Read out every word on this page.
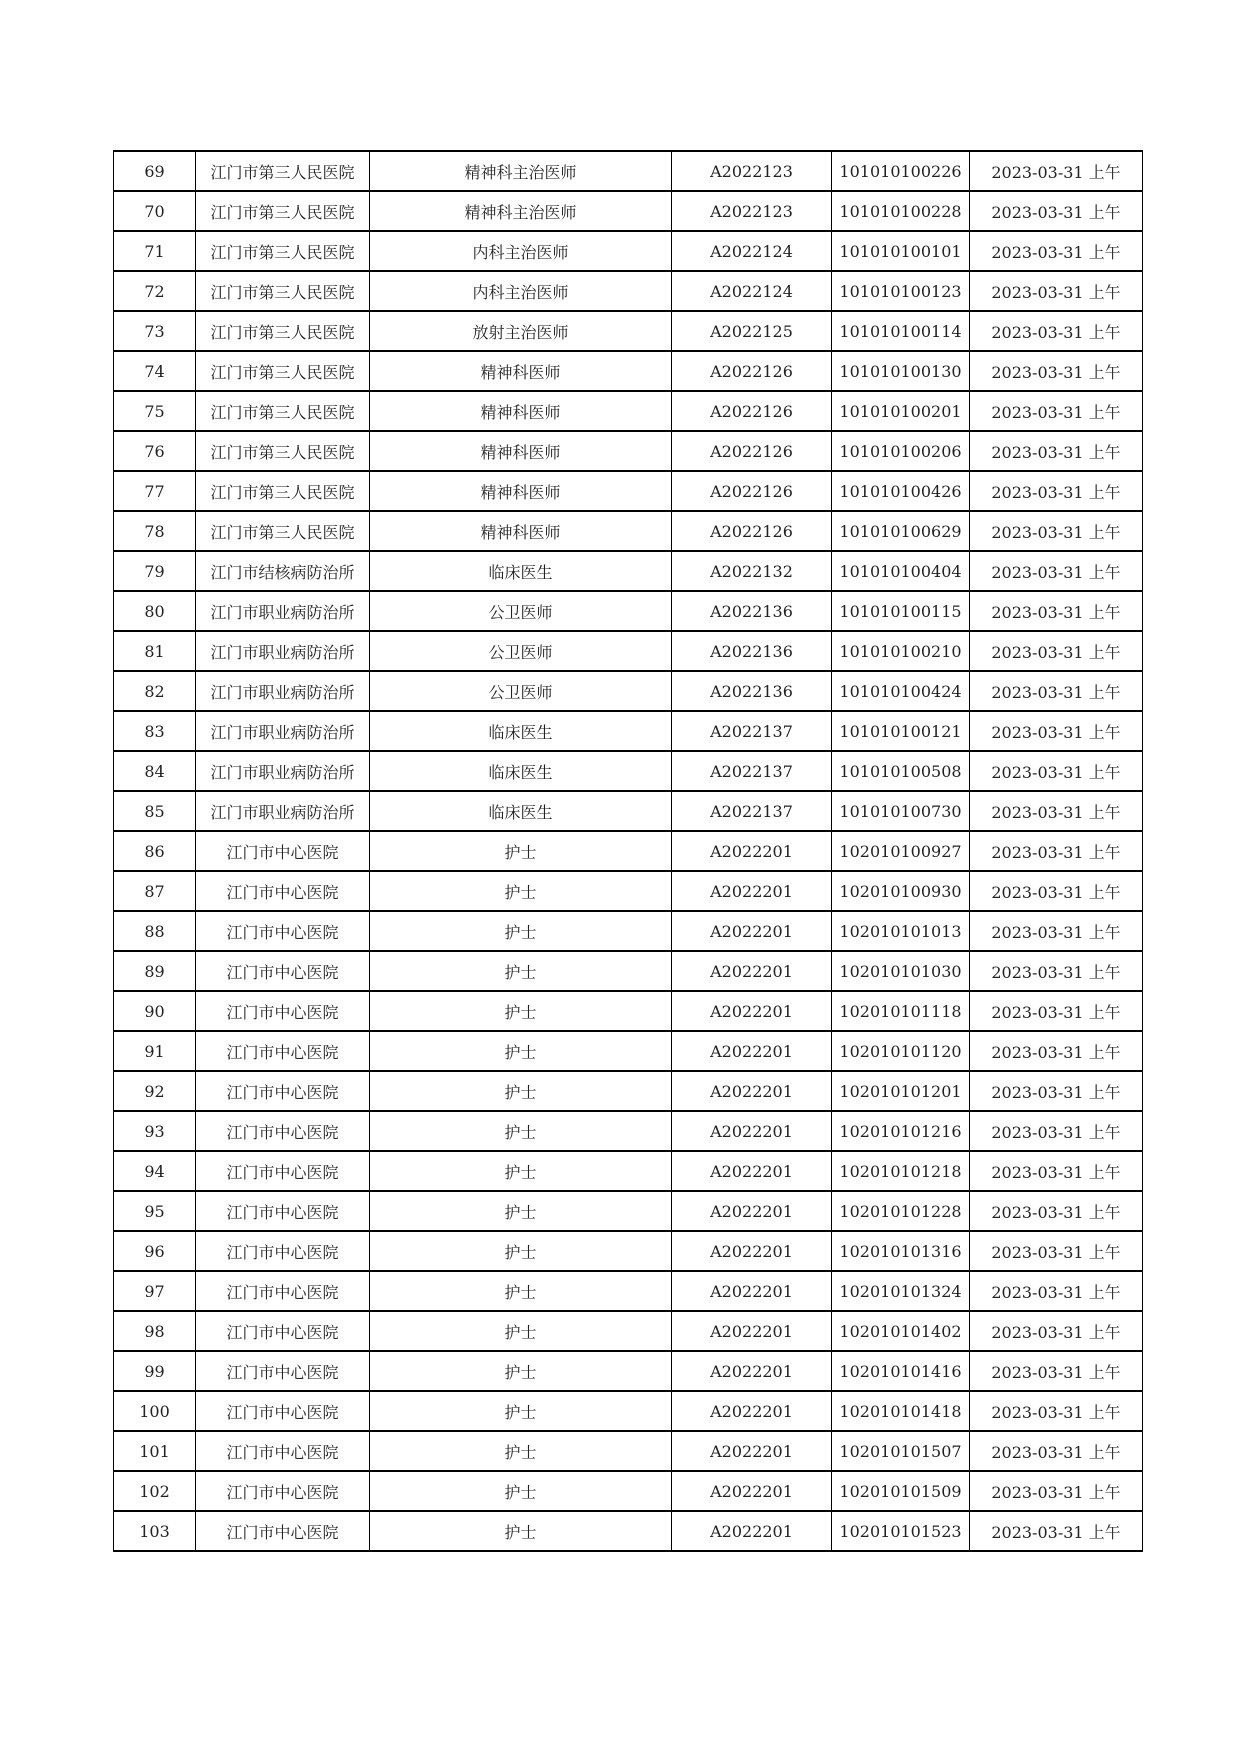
69	江门市第三人民医院	精神科主治医师	A2022123	101010100226	2023-03-31 上午
70	江门市第三人民医院	精神科主治医师	A2022123	101010100228	2023-03-31 上午
71	江门市第三人民医院	内科主治医师	A2022124	101010100101	2023-03-31 上午
72	江门市第三人民医院	内科主治医师	A2022124	101010100123	2023-03-31 上午
73	江门市第三人民医院	放射主治医师	A2022125	101010100114	2023-03-31 上午
74	江门市第三人民医院	精神科医师	A2022126	101010100130	2023-03-31 上午
75	江门市第三人民医院	精神科医师	A2022126	101010100201	2023-03-31 上午
76	江门市第三人民医院	精神科医师	A2022126	101010100206	2023-03-31 上午
77	江门市第三人民医院	精神科医师	A2022126	101010100426	2023-03-31 上午
78	江门市第三人民医院	精神科医师	A2022126	101010100629	2023-03-31 上午
79	江门市结核病防治所	临床医生	A2022132	101010100404	2023-03-31 上午
80	江门市职业病防治所	公卫医师	A2022136	101010100115	2023-03-31 上午
81	江门市职业病防治所	公卫医师	A2022136	101010100210	2023-03-31 上午
82	江门市职业病防治所	公卫医师	A2022136	101010100424	2023-03-31 上午
83	江门市职业病防治所	临床医生	A2022137	101010100121	2023-03-31 上午
84	江门市职业病防治所	临床医生	A2022137	101010100508	2023-03-31 上午
85	江门市职业病防治所	临床医生	A2022137	101010100730	2023-03-31 上午
86	江门市中心医院	护士	A2022201	102010100927	2023-03-31 上午
87	江门市中心医院	护士	A2022201	102010100930	2023-03-31 上午
88	江门市中心医院	护士	A2022201	102010101013	2023-03-31 上午
89	江门市中心医院	护士	A2022201	102010101030	2023-03-31 上午
90	江门市中心医院	护士	A2022201	102010101118	2023-03-31 上午
91	江门市中心医院	护士	A2022201	102010101120	2023-03-31 上午
92	江门市中心医院	护士	A2022201	102010101201	2023-03-31 上午
93	江门市中心医院	护士	A2022201	102010101216	2023-03-31 上午
94	江门市中心医院	护士	A2022201	102010101218	2023-03-31 上午
95	江门市中心医院	护士	A2022201	102010101228	2023-03-31 上午
96	江门市中心医院	护士	A2022201	102010101316	2023-03-31 上午
97	江门市中心医院	护士	A2022201	102010101324	2023-03-31 上午
98	江门市中心医院	护士	A2022201	102010101402	2023-03-31 上午
99	江门市中心医院	护士	A2022201	102010101416	2023-03-31 上午
100	江门市中心医院	护士	A2022201	102010101418	2023-03-31 上午
101	江门市中心医院	护士	A2022201	102010101507	2023-03-31 上午
102	江门市中心医院	护士	A2022201	102010101509	2023-03-31 上午
103	江门市中心医院	护士	A2022201	102010101523	2023-03-31 上午
